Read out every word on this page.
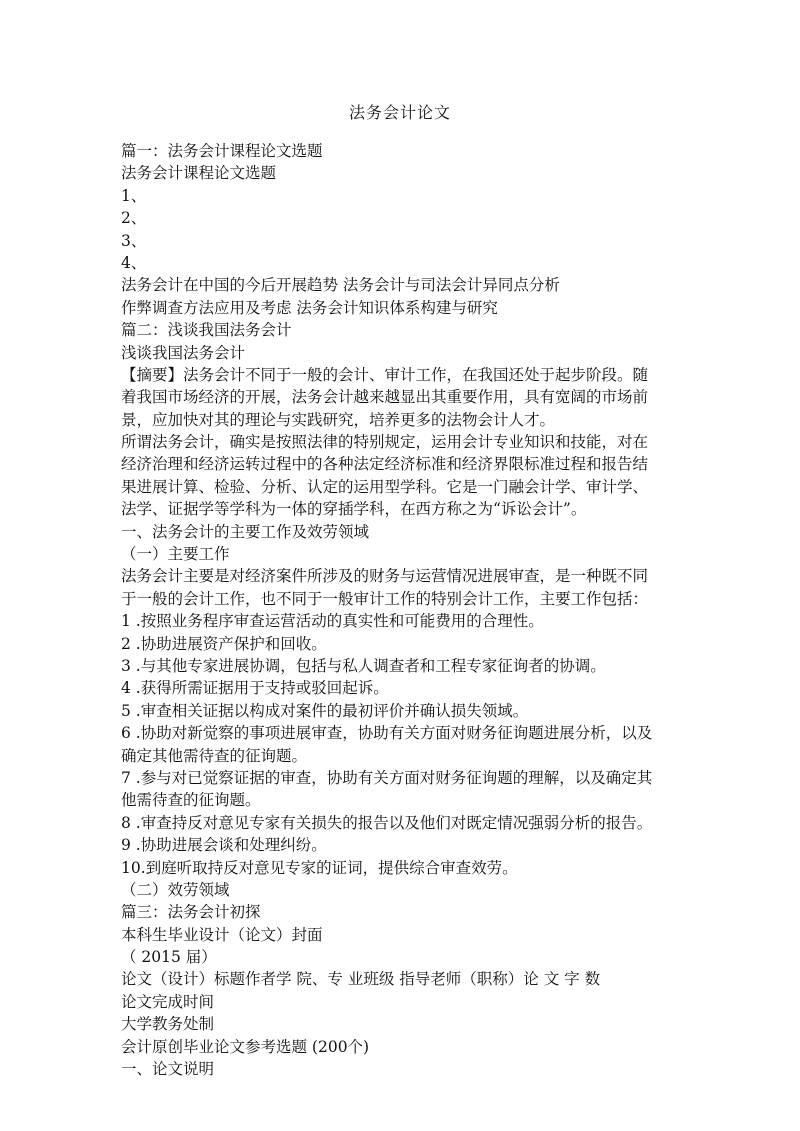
法务会计论文

篇一：法务会计课程论文选题

法务会计课程论文选题

1、

2、

3、

4、

法务会计在中国的今后开展趋势 法务会计与司法会计异同点分析

作弊调查方法应用及考虑 法务会计知识体系构建与研究

篇二：浅谈我国法务会计

浅谈我国法务会计

【摘要】法务会计不同于一般的会计、审计工作，在我国还处于起步阶段。随

着我国市场经济的开展，法务会计越来越显出其重要作用，具有宽阔的市场前

景，应加快对其的理论与实践研究，培养更多的法物会计人才。

所谓法务会计，确实是按照法律的特别规定，运用会计专业知识和技能，对在

经济治理和经济运转过程中的各种法定经济标准和经济界限标准过程和报告结

果进展计算、检验、分析、认定的运用型学科。它是一门融会计学、审计学、

法学、证据学等学科为一体的穿插学科，在西方称之为“诉讼会计”。

一、法务会计的主要工作及效劳领域

（一）主要工作

法务会计主要是对经济案件所涉及的财务与运营情况进展审查，是一种既不同

于一般的会计工作，也不同于一般审计工作的特别会计工作，主要工作包括：

1 .按照业务程序审查运营活动的真实性和可能费用的合理性。

2 .协助进展资产保护和回收。

3 .与其他专家进展协调，包括与私人调查者和工程专家征询者的协调。

4 .获得所需证据用于支持或驳回起诉。

5 .审查相关证据以构成对案件的最初评价并确认损失领域。

6 .协助对新觉察的事项进展审查，协助有关方面对财务征询题进展分析，以及

确定其他需待查的征询题。

7 .参与对已觉察证据的审查，协助有关方面对财务征询题的理解，以及确定其

他需待查的征询题。

8 .审查持反对意见专家有关损失的报告以及他们对既定情况强弱分析的报告。

9 .协助进展会谈和处理纠纷。

10.到庭听取持反对意见专家的证词，提供综合审查效劳。

（二）效劳领域

篇三：法务会计初探

本科生毕业设计（论文）封面

（ 2015 届）

论文（设计）标题作者学 院、专 业班级 指导老师（职称）论 文 字 数

论文完成时间

大学教务处制

会计原创毕业论文参考选题 (200个)

一、论文说明
